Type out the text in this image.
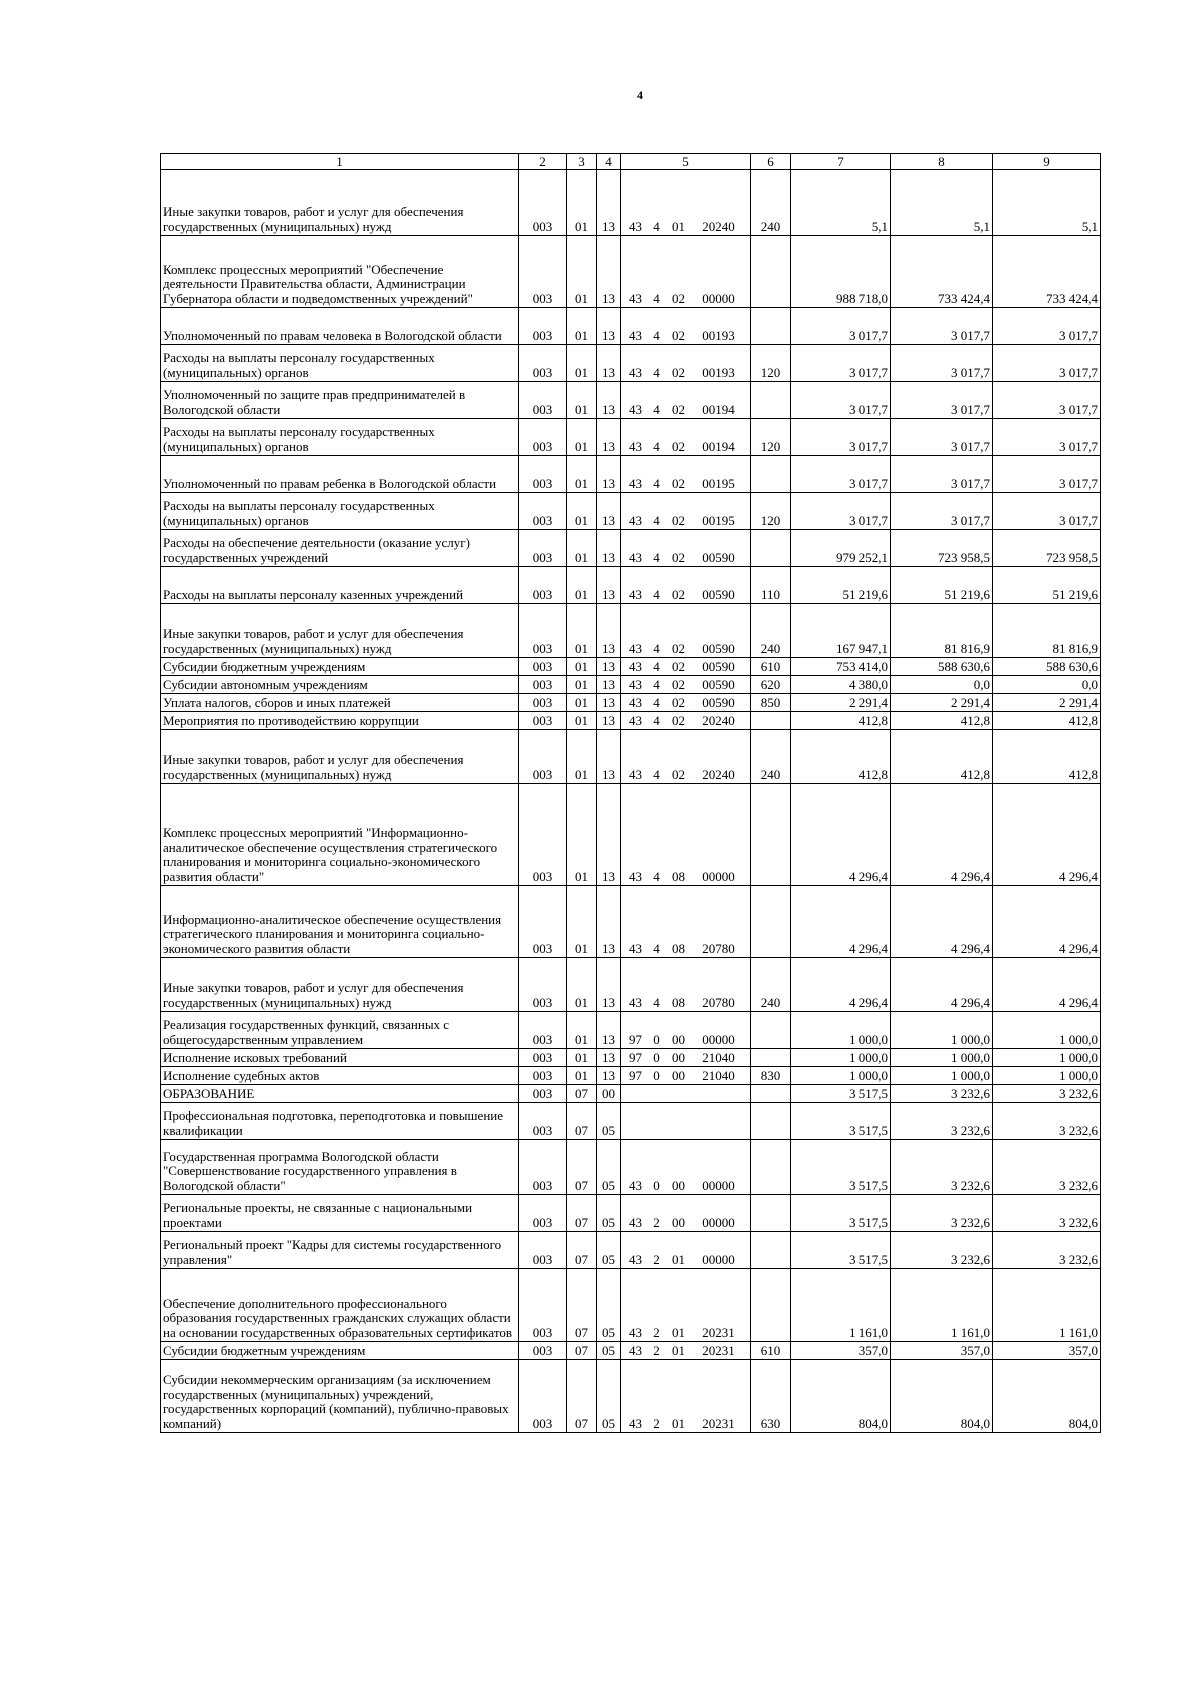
4
1	2	3	4	5	6	7	8	9
Иные закупки товаров, работ и услуг для обеспечения государственных (муниципальных) нужд	003	01	13	43 4 01 20240	240	5,1	5,1	5,1
Комплекс процессных мероприятий "Обеспечение деятельности Правительства области, Администрации Губернатора области и подведомственных учреждений"	003	01	13	43 4 02 00000		988 718,0	733 424,4	733 424,4
Уполномоченный по правам человека в Вологодской области	003	01	13	43 4 02 00193		3 017,7	3 017,7	3 017,7
Расходы на выплаты персоналу государственных (муниципальных) органов	003	01	13	43 4 02 00193	120	3 017,7	3 017,7	3 017,7
Уполномоченный по защите прав предпринимателей в Вологодской области	003	01	13	43 4 02 00194		3 017,7	3 017,7	3 017,7
Расходы на выплаты персоналу государственных (муниципальных) органов	003	01	13	43 4 02 00194	120	3 017,7	3 017,7	3 017,7
Уполномоченный по правам ребенка в Вологодской области	003	01	13	43 4 02 00195		3 017,7	3 017,7	3 017,7
Расходы на выплаты персоналу государственных (муниципальных) органов	003	01	13	43 4 02 00195	120	3 017,7	3 017,7	3 017,7
Расходы на обеспечение деятельности (оказание услуг) государственных учреждений	003	01	13	43 4 02 00590		979 252,1	723 958,5	723 958,5
Расходы на выплаты персоналу казенных учреждений	003	01	13	43 4 02 00590	110	51 219,6	51 219,6	51 219,6
Иные закупки товаров, работ и услуг для обеспечения государственных (муниципальных) нужд	003	01	13	43 4 02 00590	240	167 947,1	81 816,9	81 816,9
Субсидии бюджетным учреждениям	003	01	13	43 4 02 00590	610	753 414,0	588 630,6	588 630,6
Субсидии автономным учреждениям	003	01	13	43 4 02 00590	620	4 380,0	0,0	0,0
Уплата налогов, сборов и иных платежей	003	01	13	43 4 02 00590	850	2 291,4	2 291,4	2 291,4
Мероприятия по противодействию коррупции	003	01	13	43 4 02 20240		412,8	412,8	412,8
Иные закупки товаров, работ и услуг для обеспечения государственных (муниципальных) нужд	003	01	13	43 4 02 20240	240	412,8	412,8	412,8
Комплекс процессных мероприятий "Информационно-аналитическое обеспечение осуществления стратегического планирования и мониторинга социально-экономического развития области"	003	01	13	43 4 08 00000		4 296,4	4 296,4	4 296,4
Информационно-аналитическое обеспечение осуществления стратегического планирования и мониторинга социально-экономического развития области	003	01	13	43 4 08 20780		4 296,4	4 296,4	4 296,4
Иные закупки товаров, работ и услуг для обеспечения государственных (муниципальных) нужд	003	01	13	43 4 08 20780	240	4 296,4	4 296,4	4 296,4
Реализация государственных функций, связанных с общегосударственным управлением	003	01	13	97 0 00 00000		1 000,0	1 000,0	1 000,0
Исполнение исковых требований	003	01	13	97 0 00 21040		1 000,0	1 000,0	1 000,0
Исполнение судебных актов	003	01	13	97 0 00 21040	830	1 000,0	1 000,0	1 000,0
ОБРАЗОВАНИЕ	003	07	00			3 517,5	3 232,6	3 232,6
Профессиональная подготовка, переподготовка и повышение квалификации	003	07	05			3 517,5	3 232,6	3 232,6
Государственная программа Вологодской области "Совершенствование государственного управления в Вологодской области"	003	07	05	43 0 00 00000		3 517,5	3 232,6	3 232,6
Региональные проекты, не связанные с национальными проектами	003	07	05	43 2 00 00000		3 517,5	3 232,6	3 232,6
Региональный проект "Кадры для системы государственного управления"	003	07	05	43 2 01 00000		3 517,5	3 232,6	3 232,6
Обеспечение дополнительного профессионального образования государственных гражданских служащих области на основании государственных образовательных сертификатов	003	07	05	43 2 01 20231		1 161,0	1 161,0	1 161,0
Субсидии бюджетным учреждениям	003	07	05	43 2 01 20231	610	357,0	357,0	357,0
Субсидии некоммерческим организациям (за исключением государственных (муниципальных) учреждений, государственных корпораций (компаний), публично-правовых компаний)	003	07	05	43 2 01 20231	630	804,0	804,0	804,0
